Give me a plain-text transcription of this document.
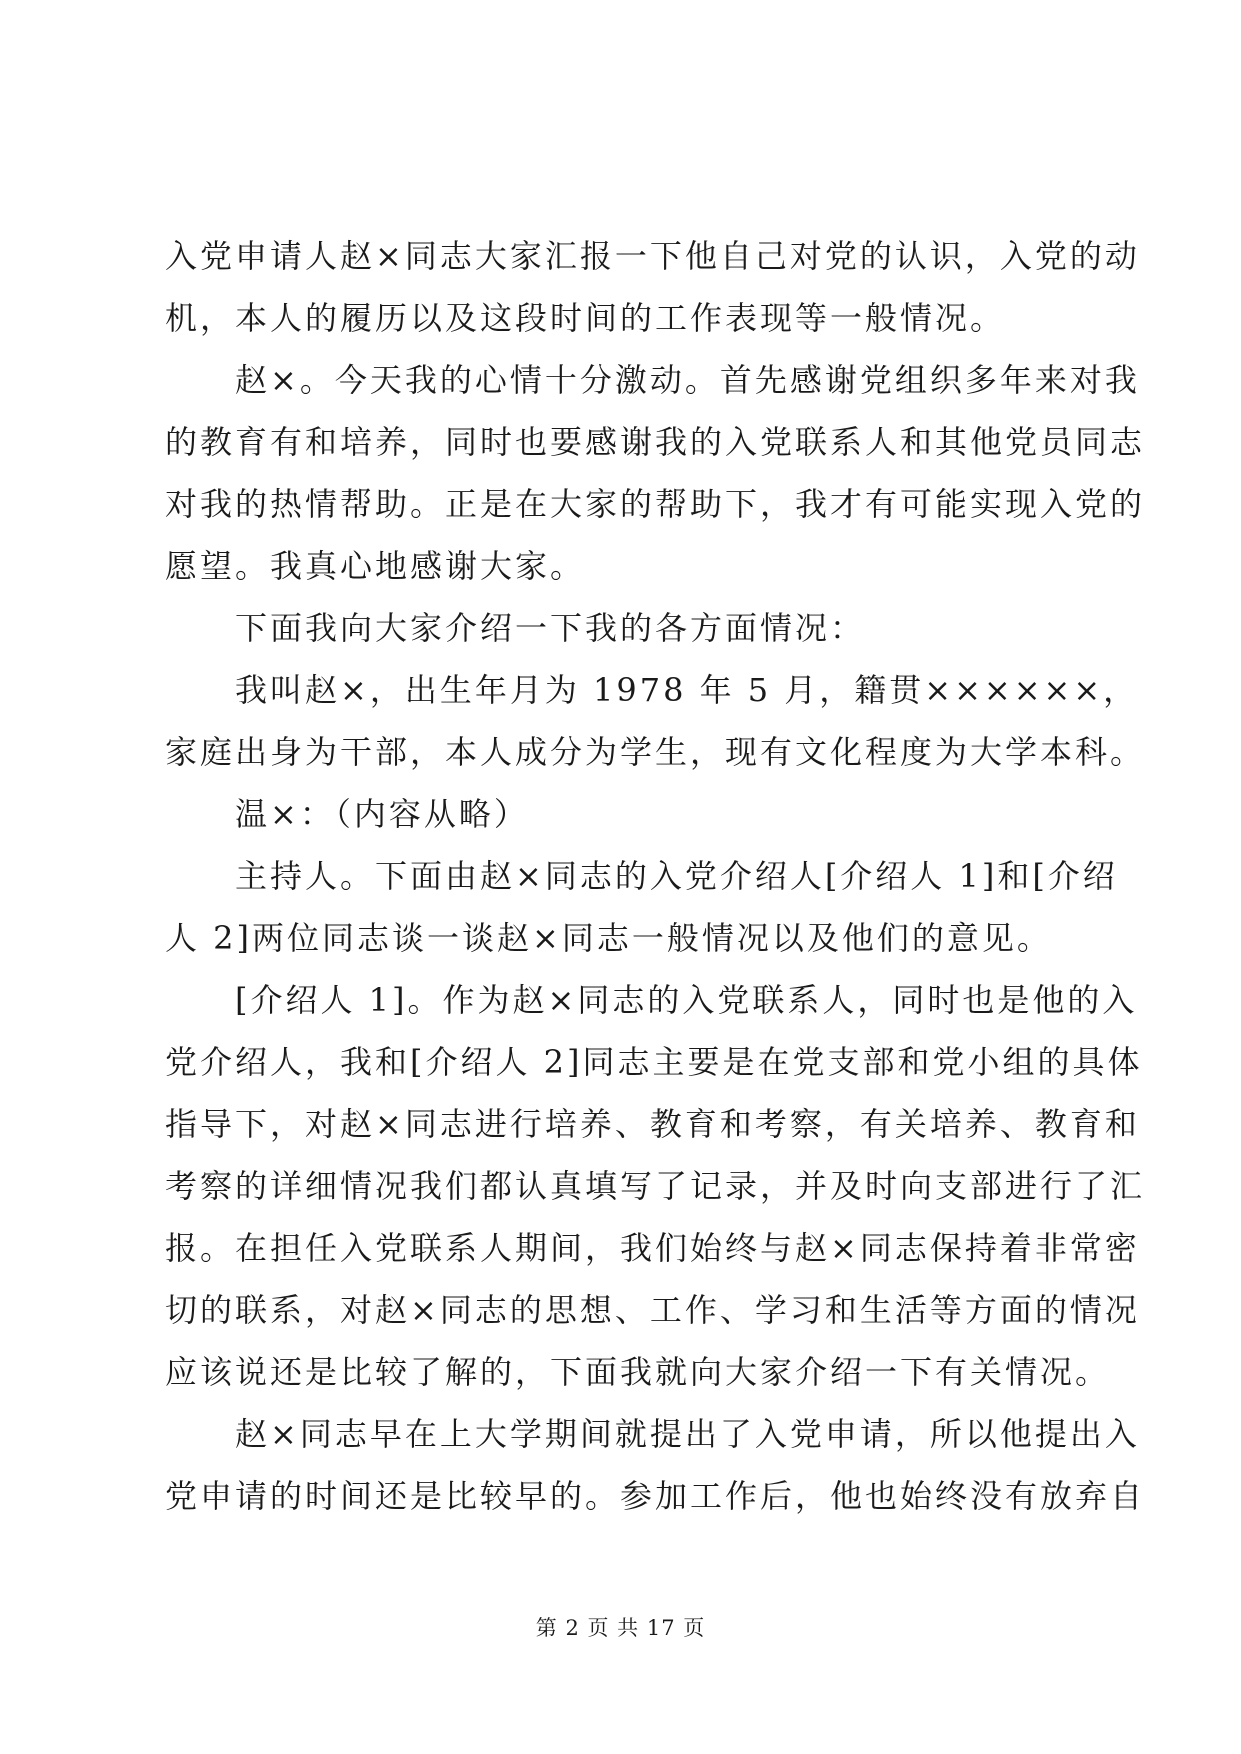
入党申请人赵×同志大家汇报一下他自己对党的认识，入党的动
机，本人的履历以及这段时间的工作表现等一般情况。
赵×。今天我的心情十分激动。首先感谢党组织多年来对我
的教育有和培养，同时也要感谢我的入党联系人和其他党员同志
对我的热情帮助。正是在大家的帮助下，我才有可能实现入党的
愿望。我真心地感谢大家。
下面我向大家介绍一下我的各方面情况：
我叫赵×，出生年月为 1978 年 5 月，籍贯××××××，
家庭出身为干部，本人成分为学生，现有文化程度为大学本科。
温×：（内容从略）
主持人。下面由赵×同志的入党介绍人[介绍人 1]和[介绍
人 2]两位同志谈一谈赵×同志一般情况以及他们的意见。
[介绍人 1]。作为赵×同志的入党联系人，同时也是他的入
党介绍人，我和[介绍人 2]同志主要是在党支部和党小组的具体
指导下，对赵×同志进行培养、教育和考察，有关培养、教育和
考察的详细情况我们都认真填写了记录，并及时向支部进行了汇
报。在担任入党联系人期间，我们始终与赵×同志保持着非常密
切的联系，对赵×同志的思想、工作、学习和生活等方面的情况
应该说还是比较了解的，下面我就向大家介绍一下有关情况。
赵×同志早在上大学期间就提出了入党申请，所以他提出入
党申请的时间还是比较早的。参加工作后，他也始终没有放弃自
第 2 页 共 17 页
